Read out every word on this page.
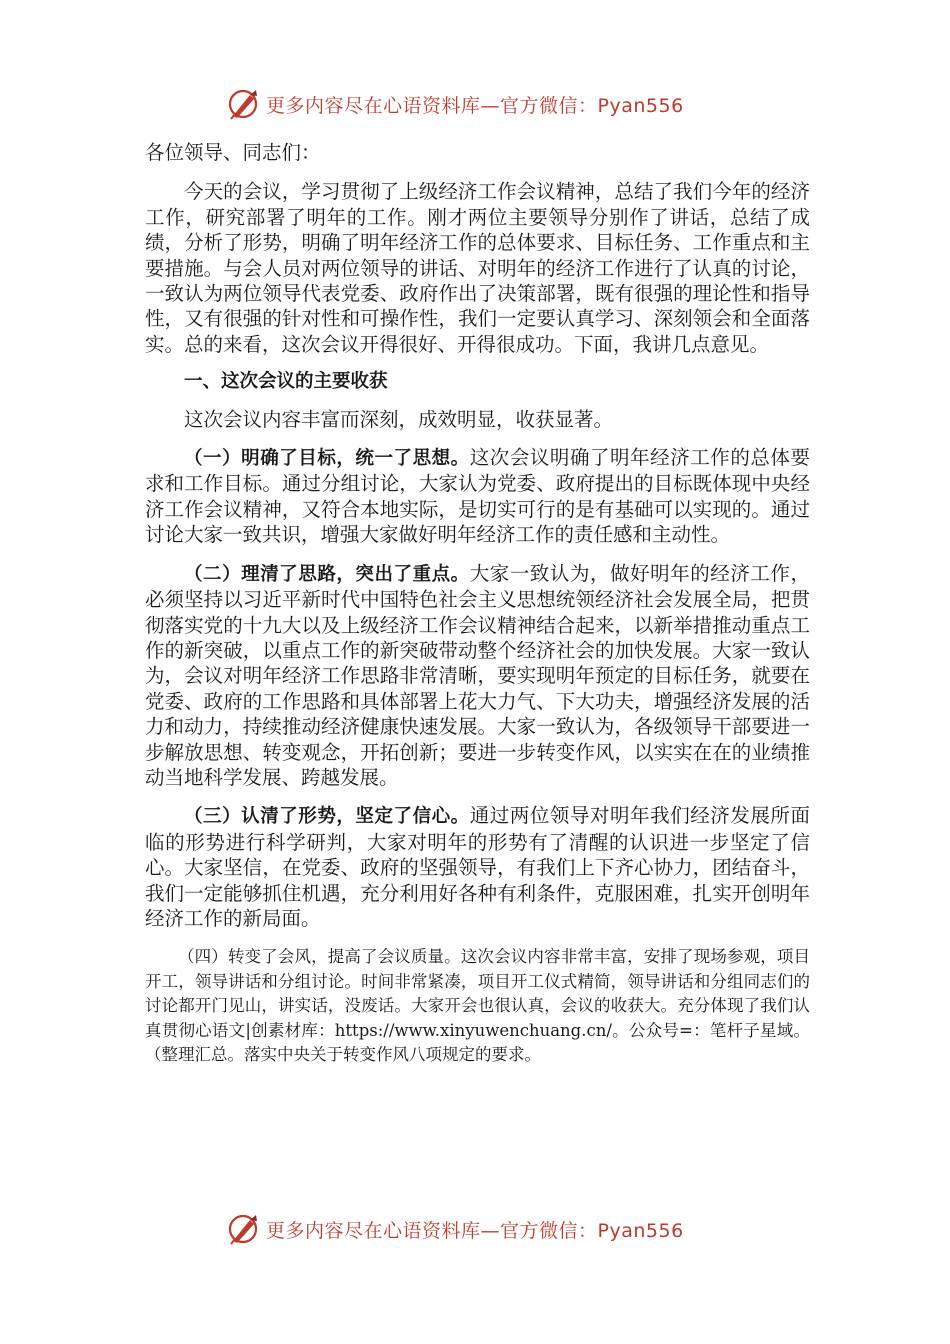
更多内容尽在心语资料库—官方微信：Pyan556

各位领导、同志们：

今天的会议，学习贯彻了上级经济工作会议精神，总结了我们今年的经济工作，研究部署了明年的工作。刚才两位主要领导分别作了讲话，总结了成绩，分析了形势，明确了明年经济工作的总体要求、目标任务、工作重点和主要措施。与会人员对两位领导的讲话、对明年的经济工作进行了认真的讨论，一致认为两位领导代表党委、政府作出了决策部署，既有很强的理论性和指导性，又有很强的针对性和可操作性，我们一定要认真学习、深刻领会和全面落实。总的来看，这次会议开得很好、开得很成功。下面，我讲几点意见。

一、这次会议的主要收获

这次会议内容丰富而深刻，成效明显，收获显著。

（一）明确了目标，统一了思想。这次会议明确了明年经济工作的总体要求和工作目标。通过分组讨论，大家认为党委、政府提出的目标既体现中央经济工作会议精神，又符合本地实际，是切实可行的是有基础可以实现的。通过讨论大家一致共识，增强大家做好明年经济工作的责任感和主动性。

（二）理清了思路，突出了重点。大家一致认为，做好明年的经济工作，必须坚持以习近平新时代中国特色社会主义思想统领经济社会发展全局，把贯彻落实党的十九大以及上级经济工作会议精神结合起来，以新举措推动重点工作的新突破，以重点工作的新突破带动整个经济社会的加快发展。大家一致认为，会议对明年经济工作思路非常清晰，要实现明年预定的目标任务，就要在党委、政府的工作思路和具体部署上花大力气、下大功夫，增强经济发展的活力和动力，持续推动经济健康快速发展。大家一致认为，各级领导干部要进一步解放思想、转变观念，开拓创新；要进一步转变作风，以实实在在的业绩推动当地科学发展、跨越发展。

（三）认清了形势，坚定了信心。通过两位领导对明年我们经济发展所面临的形势进行科学研判，大家对明年的形势有了清醒的认识进一步坚定了信心。大家坚信，在党委、政府的坚强领导，有我们上下齐心协力，团结奋斗，我们一定能够抓住机遇，充分利用好各种有利条件，克服困难，扎实开创明年经济工作的新局面。

（四）转变了会风，提高了会议质量。这次会议内容非常丰富，安排了现场参观，项目开工，领导讲话和分组讨论。时间非常紧凑，项目开工仪式精简，领导讲话和分组同志们的讨论都开门见山，讲实话，没废话。大家开会也很认真，会议的收获大。充分体现了我们认真贯彻心语文|创素材库：https://www.xinyuwenchuang.cn/。公众号=：笔杆子星域。（整理汇总。落实中央关于转变作风八项规定的要求。

更多内容尽在心语资料库—官方微信：Pyan556
